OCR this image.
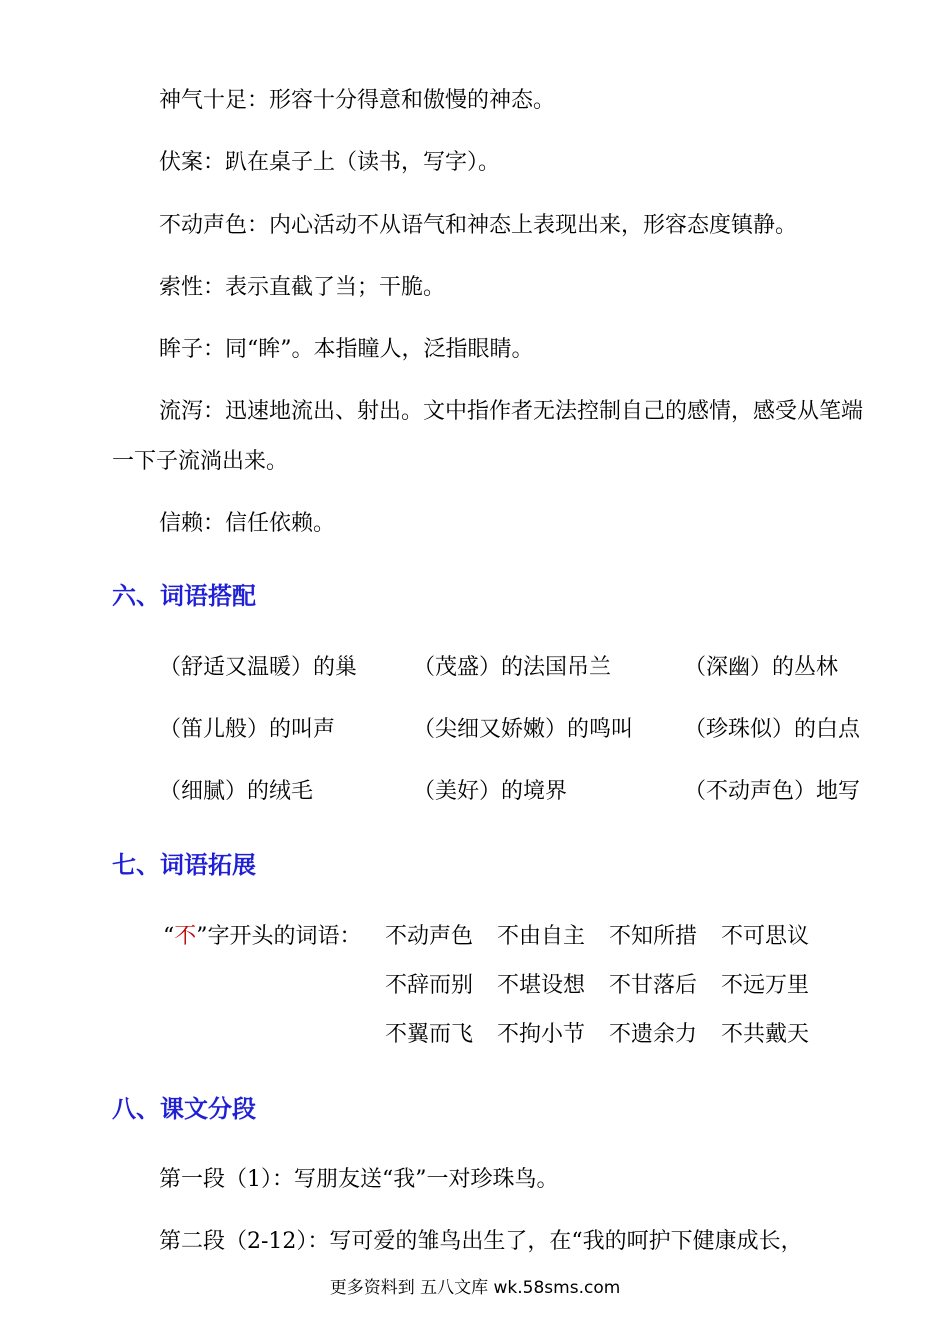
神气十足：形容十分得意和傲慢的神态。
伏案：趴在桌子上（读书，写字）。
不动声色：内心活动不从语气和神态上表现出来，形容态度镇静。
索性：表示直截了当；干脆。
眸子：同“眸”。本指瞳人，泛指眼睛。
流泻：迅速地流出、射出。文中指作者无法控制自己的感情，感受从笔端
一下子流淌出来。
信赖：信任依赖。
六、词语搭配
（舒适又温暖）的巢	（茂盛）的法国吊兰	（深幽）的丛林
（笛儿般）的叫声	（尖细又娇嫩）的鸣叫 （珍珠似）的白点
（细腻）的绒毛	（美好）的境界	（不动声色）地写
七、词语拓展
“不”字开头的词语： 不动声色 不由自主 不知所措 不可思议
不辞而别 不堪设想 不甘落后 不远万里
不翼而飞 不拘小节 不遗余力 不共戴天
八、课文分段
第一段（1）：写朋友送“我”一对珍珠鸟。
第二段（2-12）：写可爱的雏鸟出生了，在“我的呵护下健康成长，
更多资料到 五八文库 wk.58sms.com
